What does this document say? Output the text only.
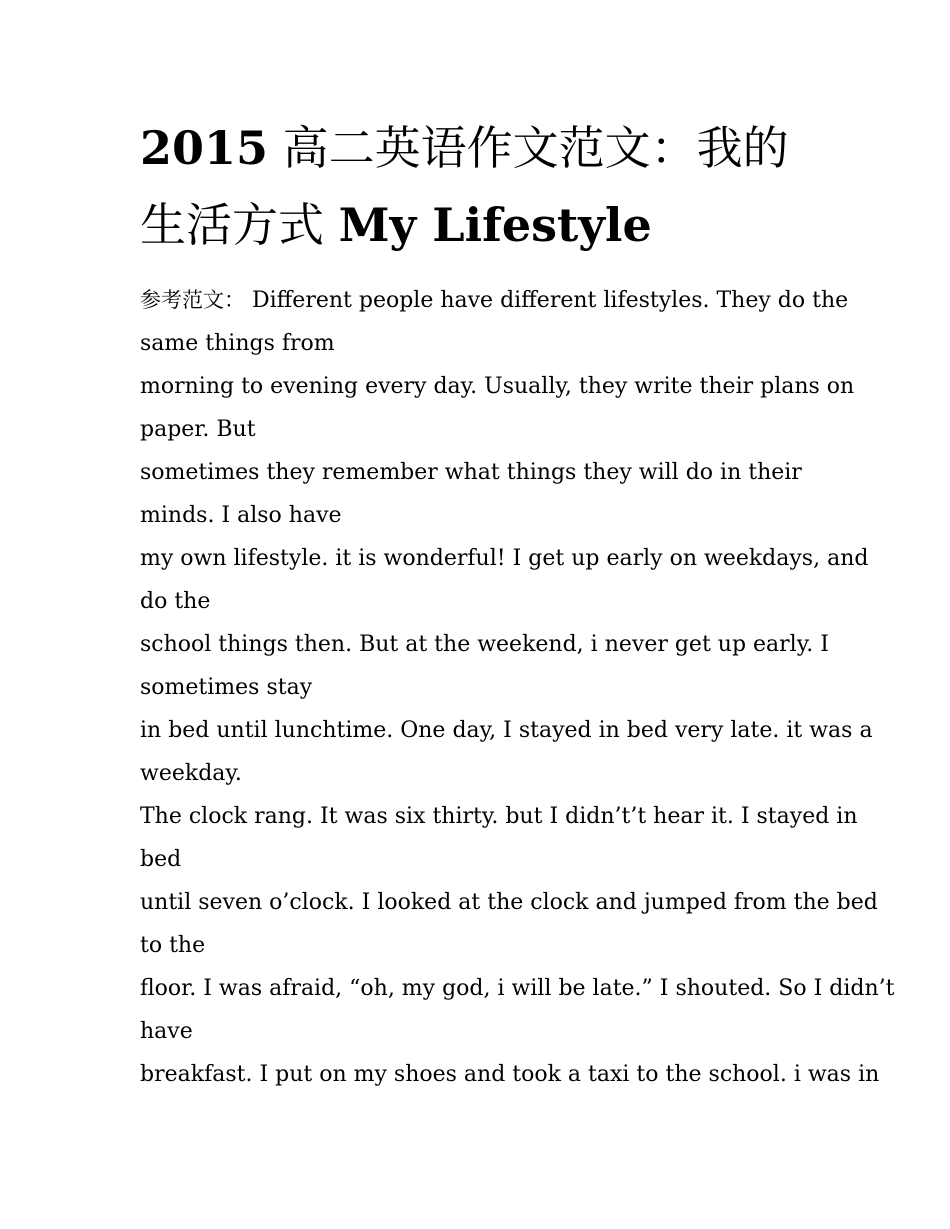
2015 高二英语作文范文：我的生活方式 My Lifestyle
参考范文： Different people have different lifestyles. They do the
same things from
morning to evening every day. Usually, they write their plans on
paper. But
sometimes they remember what things they will do in their
minds. I also have
my own lifestyle. it is wonderful! I get up early on weekdays, and
do the
school things then. But at the weekend, i never get up early. I
sometimes stay
in bed until lunchtime. One day, I stayed in bed very late. it was a
weekday.
The clock rang. It was six thirty. but I didn’t’t hear it. I stayed in
bed
until seven o’clock. I looked at the clock and jumped from the bed
to the
floor. I was afraid, “oh, my god, i will be late.” I shouted. So I didn’t
have
breakfast. I put on my shoes and took a taxi to the school. i was in
